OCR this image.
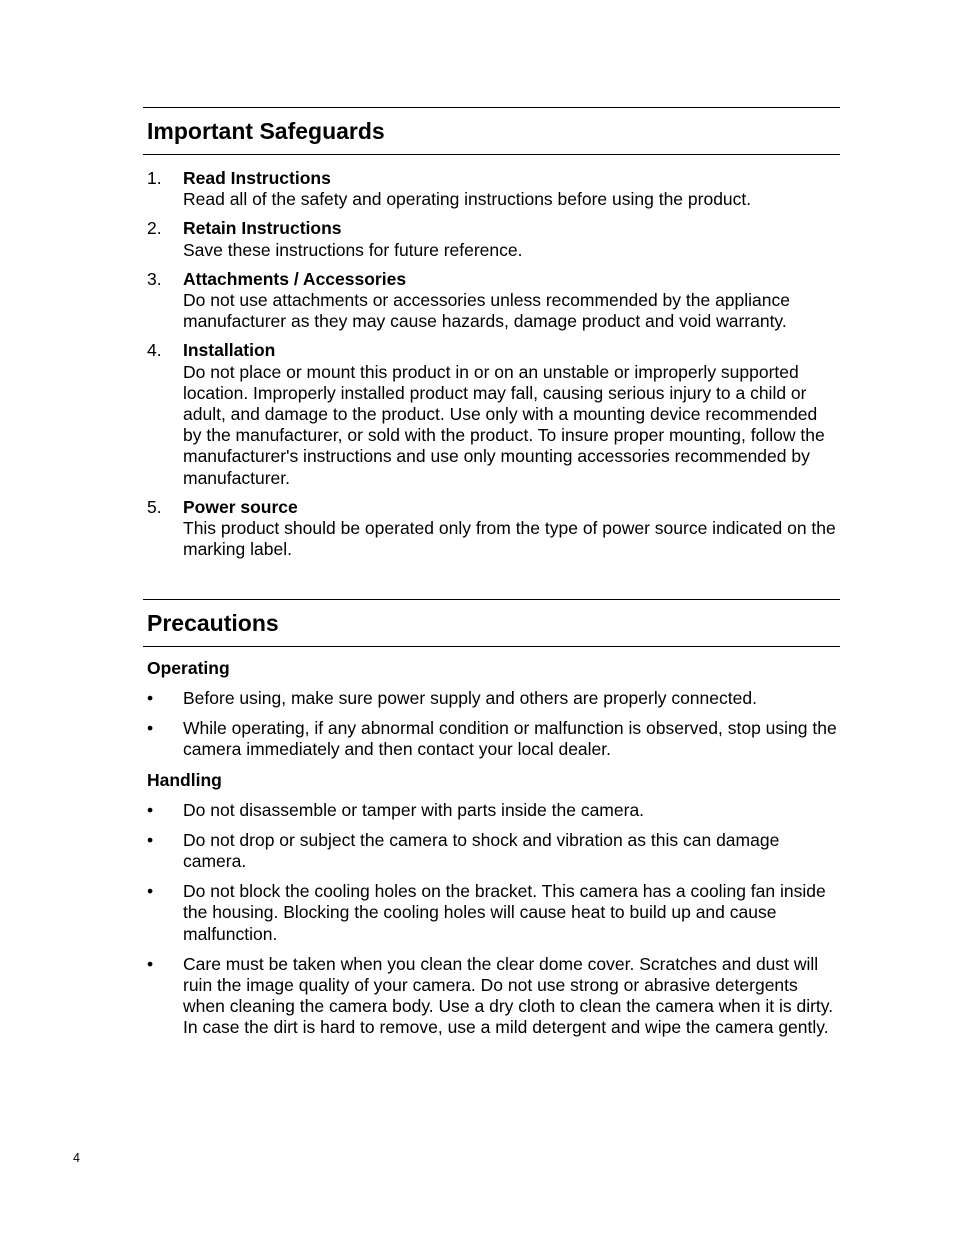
Important Safeguards
1. Read Instructions
Read all of the safety and operating instructions before using the product.
2. Retain Instructions
Save these instructions for future reference.
3. Attachments / Accessories
Do not use attachments or accessories unless recommended by the appliance manufacturer as they may cause hazards, damage product and void warranty.
4. Installation
Do not place or mount this product in or on an unstable or improperly supported location. Improperly installed product may fall, causing serious injury to a child or adult, and damage to the product. Use only with a mounting device recommended by the manufacturer, or sold with the product. To insure proper mounting, follow the manufacturer's instructions and use only mounting accessories recommended by manufacturer.
5. Power source
This product should be operated only from the type of power source indicated on the marking label.
Precautions
Operating
• Before using, make sure power supply and others are properly connected.
• While operating, if any abnormal condition or malfunction is observed, stop using the camera immediately and then contact your local dealer.
Handling
• Do not disassemble or tamper with parts inside the camera.
• Do not drop or subject the camera to shock and vibration as this can damage camera.
• Do not block the cooling holes on the bracket. This camera has a cooling fan inside the housing. Blocking the cooling holes will cause heat to build up and cause malfunction.
• Care must be taken when you clean the clear dome cover. Scratches and dust will ruin the image quality of your camera. Do not use strong or abrasive detergents when cleaning the camera body. Use a dry cloth to clean the camera when it is dirty. In case the dirt is hard to remove, use a mild detergent and wipe the camera gently.
4
